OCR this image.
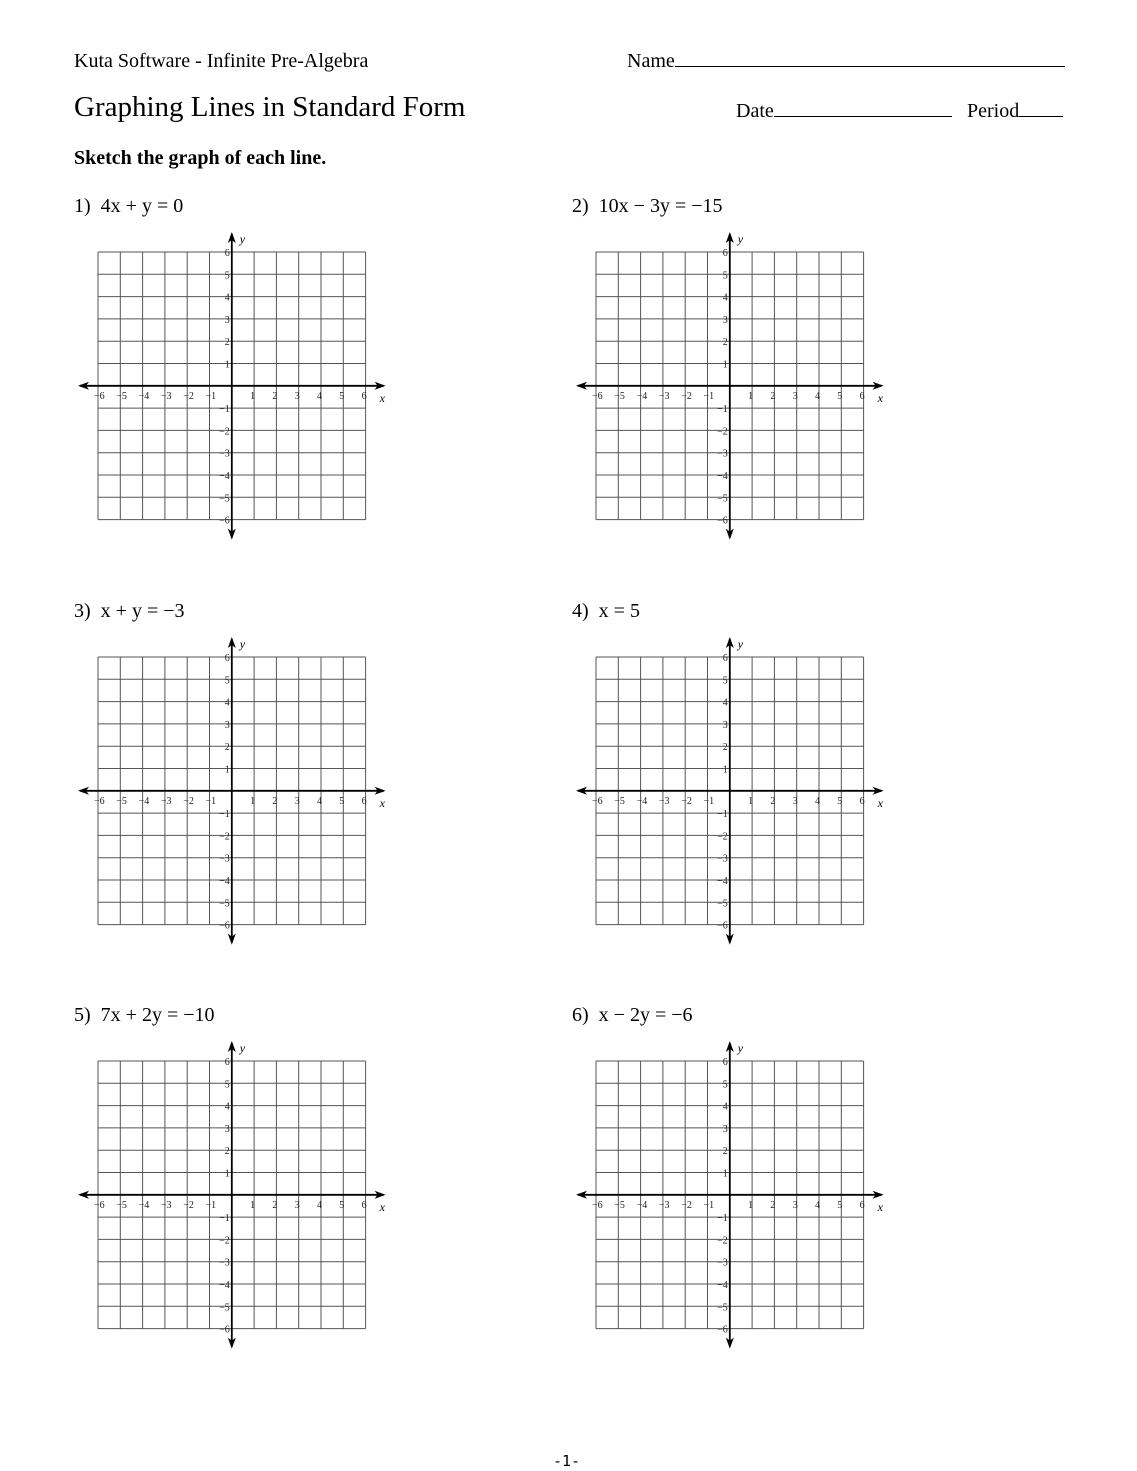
Kuta Software - Infinite Pre-Algebra	Name
Graphing Lines in Standard Form	Date	Period
Sketch the graph of each line.
1) 4x + y = 0	2) 10x − 3y = −15
3) x + y = −3	4) x = 5
5) 7x + 2y = −10	6) x − 2y = −6
x
y
−6 −5 −4 −3 −2 −1	1 2 3 4 5 6
6
5
4
3
2
1
−1
−2
−3
−4
−5
−6
x
y
−6 −5 −4 −3 −2 −1	1 2 3 4 5 6
6
5
4
3
2
1
−1
−2
−3
−4
−5
−6
x
y
−6 −5 −4 −3 −2 −1	1 2 3 4 5 6
6
5
4
3
2
1
−1
−2
−3
−4
−5
−6
x
y
−6 −5 −4 −3 −2 −1	1 2 3 4 5 6
6
5
4
3
2
1
−1
−2
−3
−4
−5
−6
x
y
−6 −5 −4 −3 −2 −1	1 2 3 4 5 6
6
5
4
3
2
1
−1
−2
−3
−4
−5
−6
x
y
−6 −5 −4 −3 −2 −1	1 2 3 4 5 6
6
5
4
3
2
1
−1
−2
−3
−4
−5
−6
-1-
